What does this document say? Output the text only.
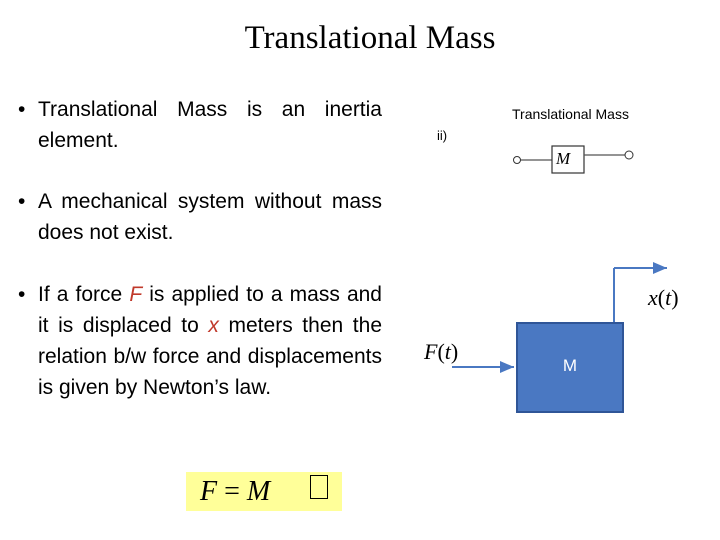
Translational Mass
• Translational Mass is an inertia element.
• A mechanical system without mass does not exist.
• If a force F is applied to a mass and it is displaced to x meters then the relation b/w force and displacements is given by Newton’s law.
F = M
ii)
Translational Mass
M
M
x(t)
F(t)
